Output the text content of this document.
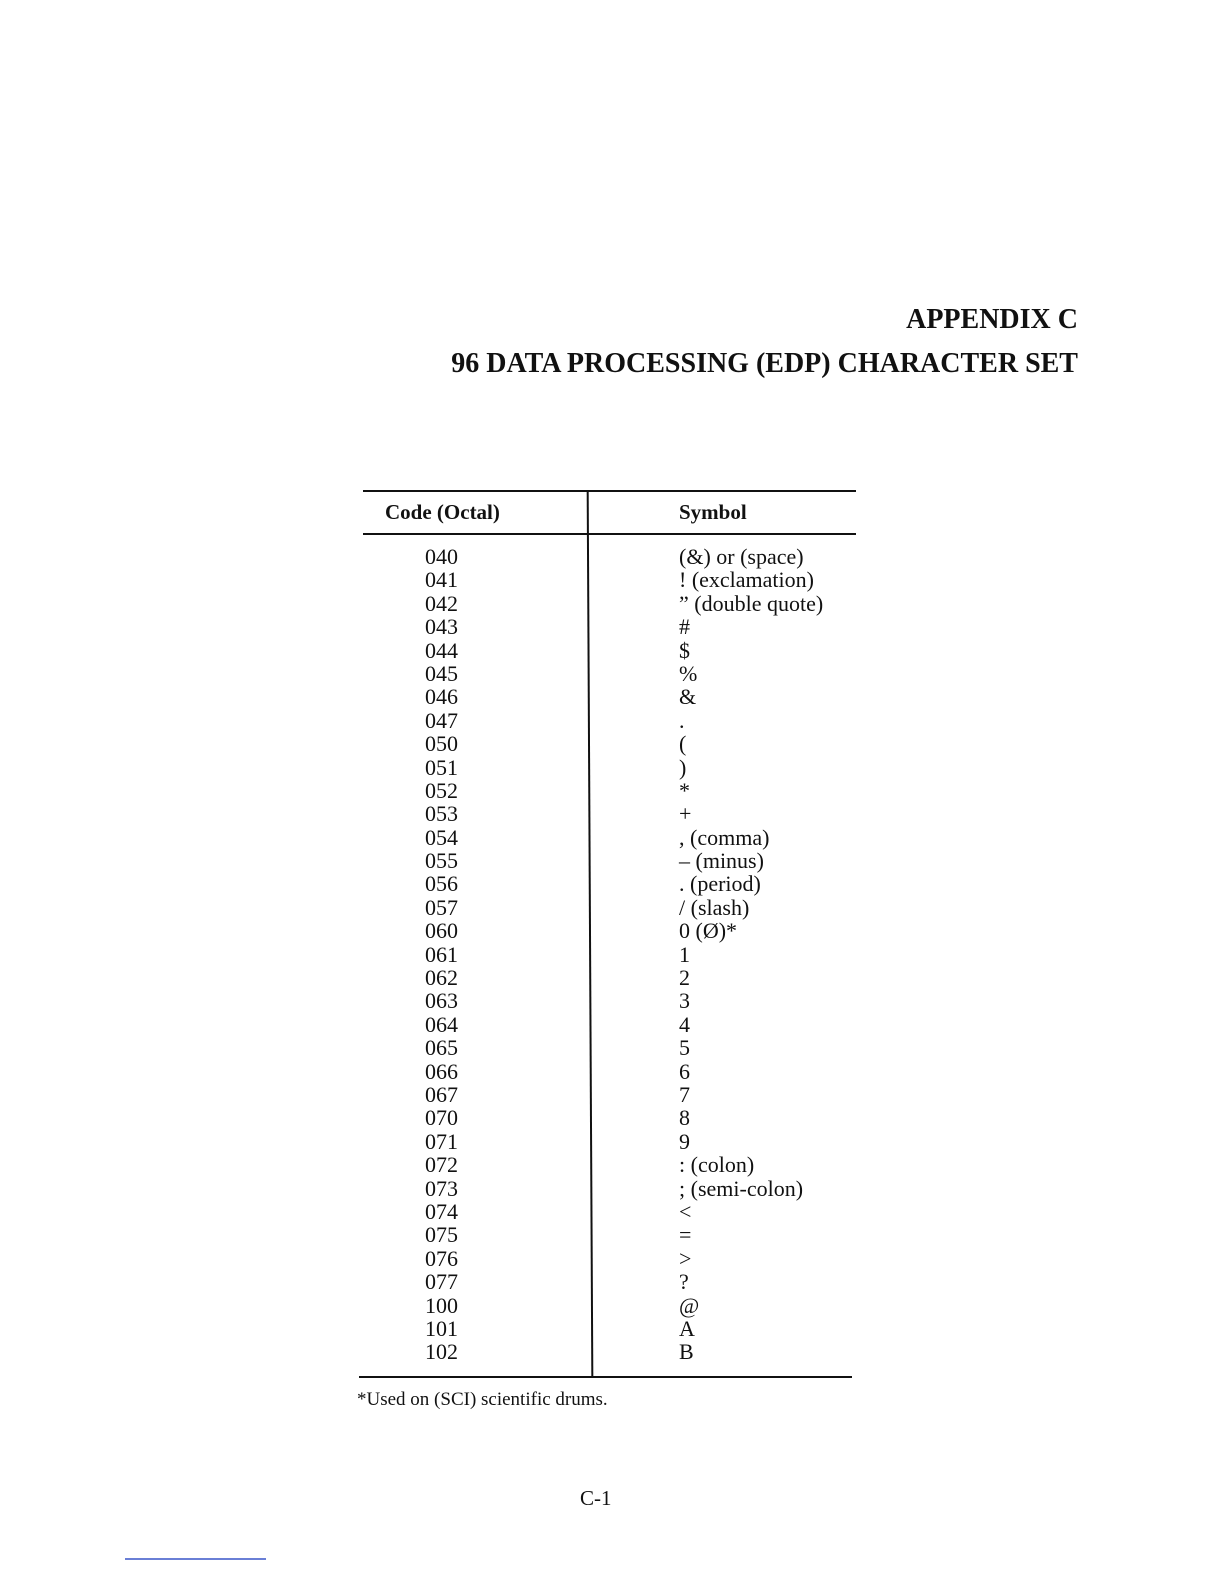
APPENDIX C
96 DATA PROCESSING (EDP) CHARACTER SET
Code (Octal)	Symbol
040	(&) or (space)
041	! (exclamation)
042	” (double quote)
043	#
044	$
045	%
046	&
047	.
050	(
051	)
052	*
053	+
054	, (comma)
055	– (minus)
056	. (period)
057	/ (slash)
060	0 (Ø)*
061	1
062	2
063	3
064	4
065	5
066	6
067	7
070	8
071	9
072	: (colon)
073	; (semi-colon)
074	<
075	=
076	>
077	?
100	@
101	A
102	B
*Used on (SCI) scientific drums.
C-1
